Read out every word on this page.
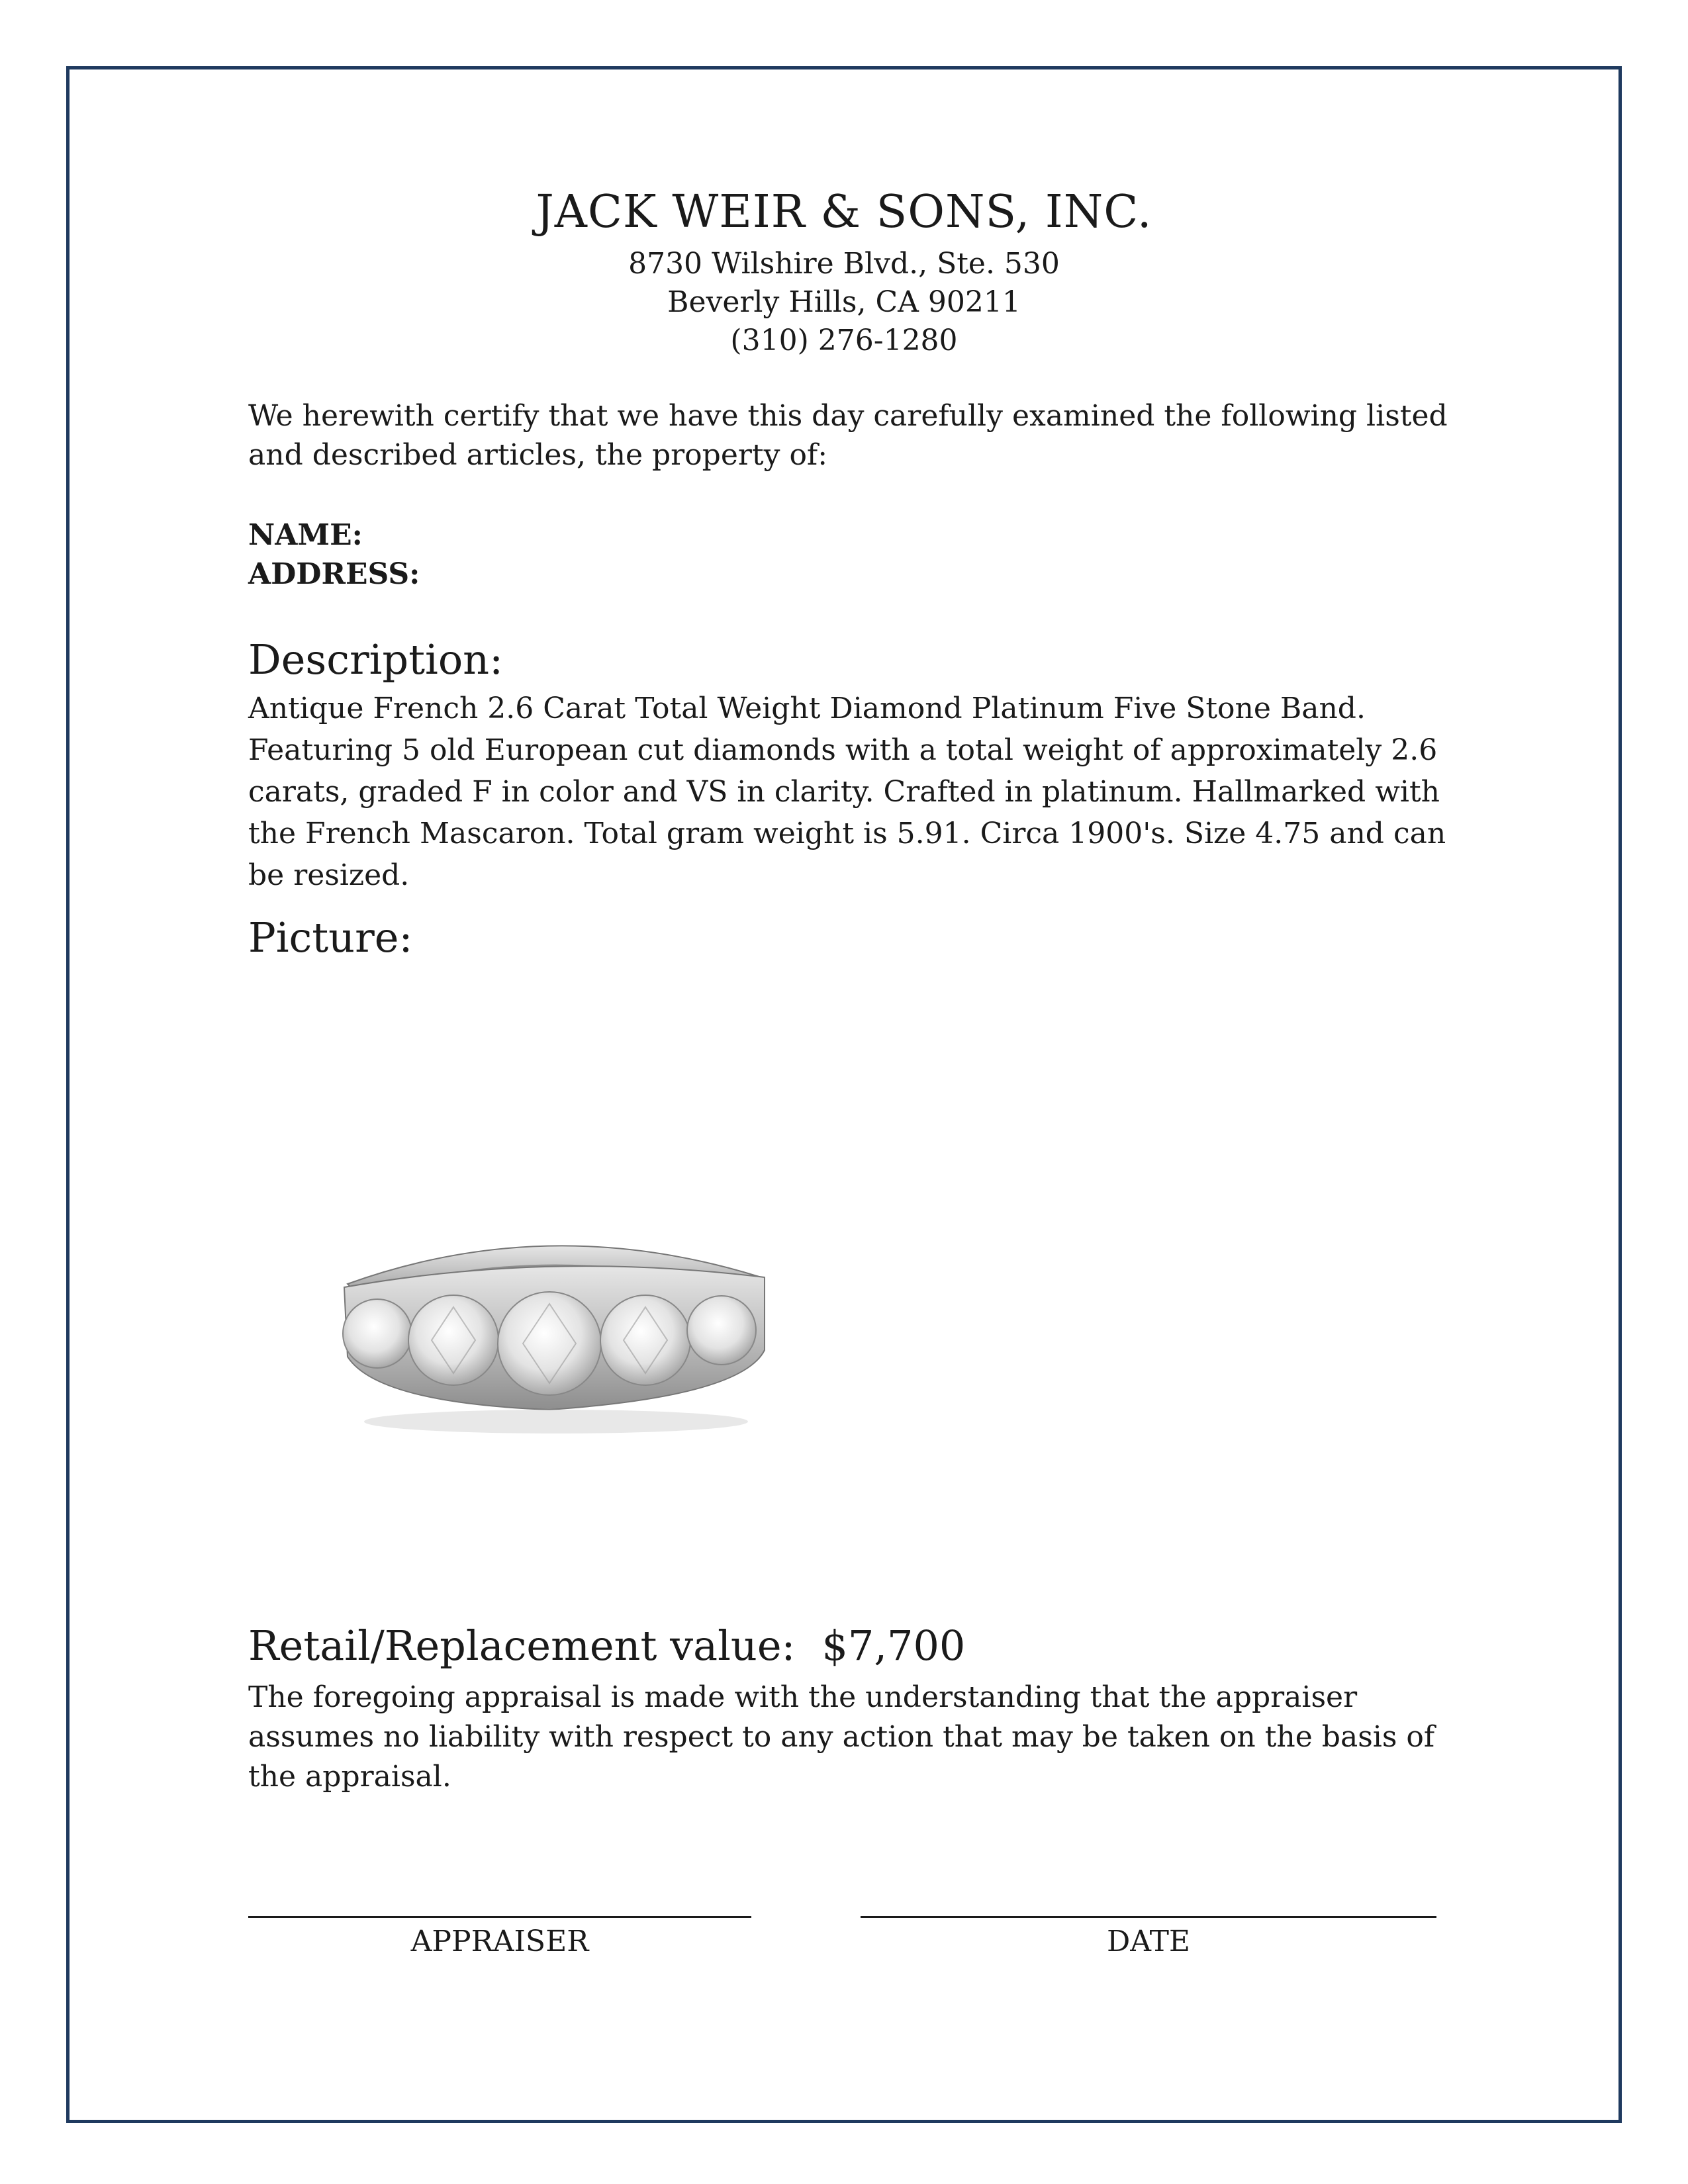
JACK WEIR & SONS, INC.
8730 Wilshire Blvd., Ste. 530
Beverly Hills, CA 90211
(310) 276-1280
We herewith certify that we have this day carefully examined the following listed and described articles, the property of:
NAME:
ADDRESS:
Description:
Antique French 2.6 Carat Total Weight Diamond Platinum Five Stone Band. Featuring 5 old European cut diamonds with a total weight of approximately 2.6 carats, graded F in color and VS in clarity. Crafted in platinum. Hallmarked with the French Mascaron. Total gram weight is 5.91. Circa 1900's. Size 4.75 and can be resized.
Picture:
Retail/Replacement value: $7,700
The foregoing appraisal is made with the understanding that the appraiser assumes no liability with respect to any action that may be taken on the basis of the appraisal.
APPRAISER	DATE
